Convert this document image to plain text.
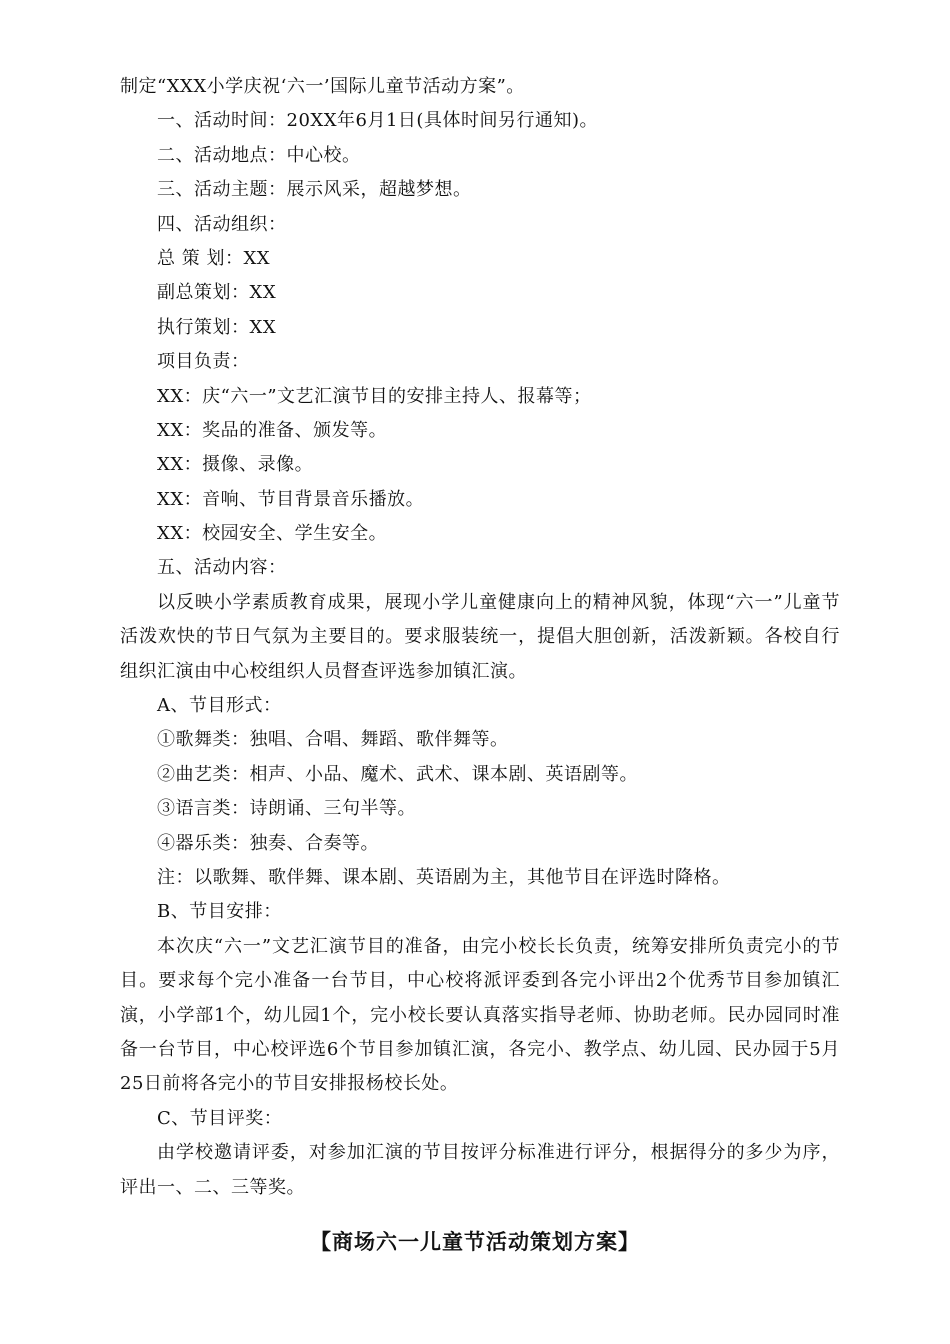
制定“XXX小学庆祝‘六一’国际儿童节活动方案”。
一、活动时间：20XX年6月1日(具体时间另行通知)。
二、活动地点：中心校。
三、活动主题：展示风采，超越梦想。
四、活动组织：
总 策 划：XX
副总策划：XX
执行策划：XX
项目负责：
XX：庆“六一”文艺汇演节目的安排主持人、报幕等；
XX：奖品的准备、颁发等。
XX：摄像、录像。
XX：音响、节目背景音乐播放。
XX：校园安全、学生安全。
五、活动内容：

以反映小学素质教育成果，展现小学儿童健康向上的精神风貌，体现“六一”儿童节活泼欢快的节日气氛为主要目的。要求服装统一，提倡大胆创新，活泼新颖。各校自行组织汇演由中心校组织人员督查评选参加镇汇演。

A、节目形式：
①歌舞类：独唱、合唱、舞蹈、歌伴舞等。
②曲艺类：相声、小品、魔术、武术、课本剧、英语剧等。
③语言类：诗朗诵、三句半等。
④器乐类：独奏、合奏等。
注：以歌舞、歌伴舞、课本剧、英语剧为主，其他节目在评选时降格。
B、节目安排：

本次庆“六一”文艺汇演节目的准备，由完小校长长负责，统筹安排所负责完小的节目。要求每个完小准备一台节目，中心校将派评委到各完小评出2个优秀节目参加镇汇演，小学部1个，幼儿园1个，完小校长要认真落实指导老师、协助老师。民办园同时准备一台节目，中心校评选6个节目参加镇汇演，各完小、教学点、幼儿园、民办园于5月25日前将各完小的节目安排报杨校长处。

C、节目评奖：

由学校邀请评委，对参加汇演的节目按评分标准进行评分，根据得分的多少为序，评出一、二、三等奖。

【商场六一儿童节活动策划方案】
